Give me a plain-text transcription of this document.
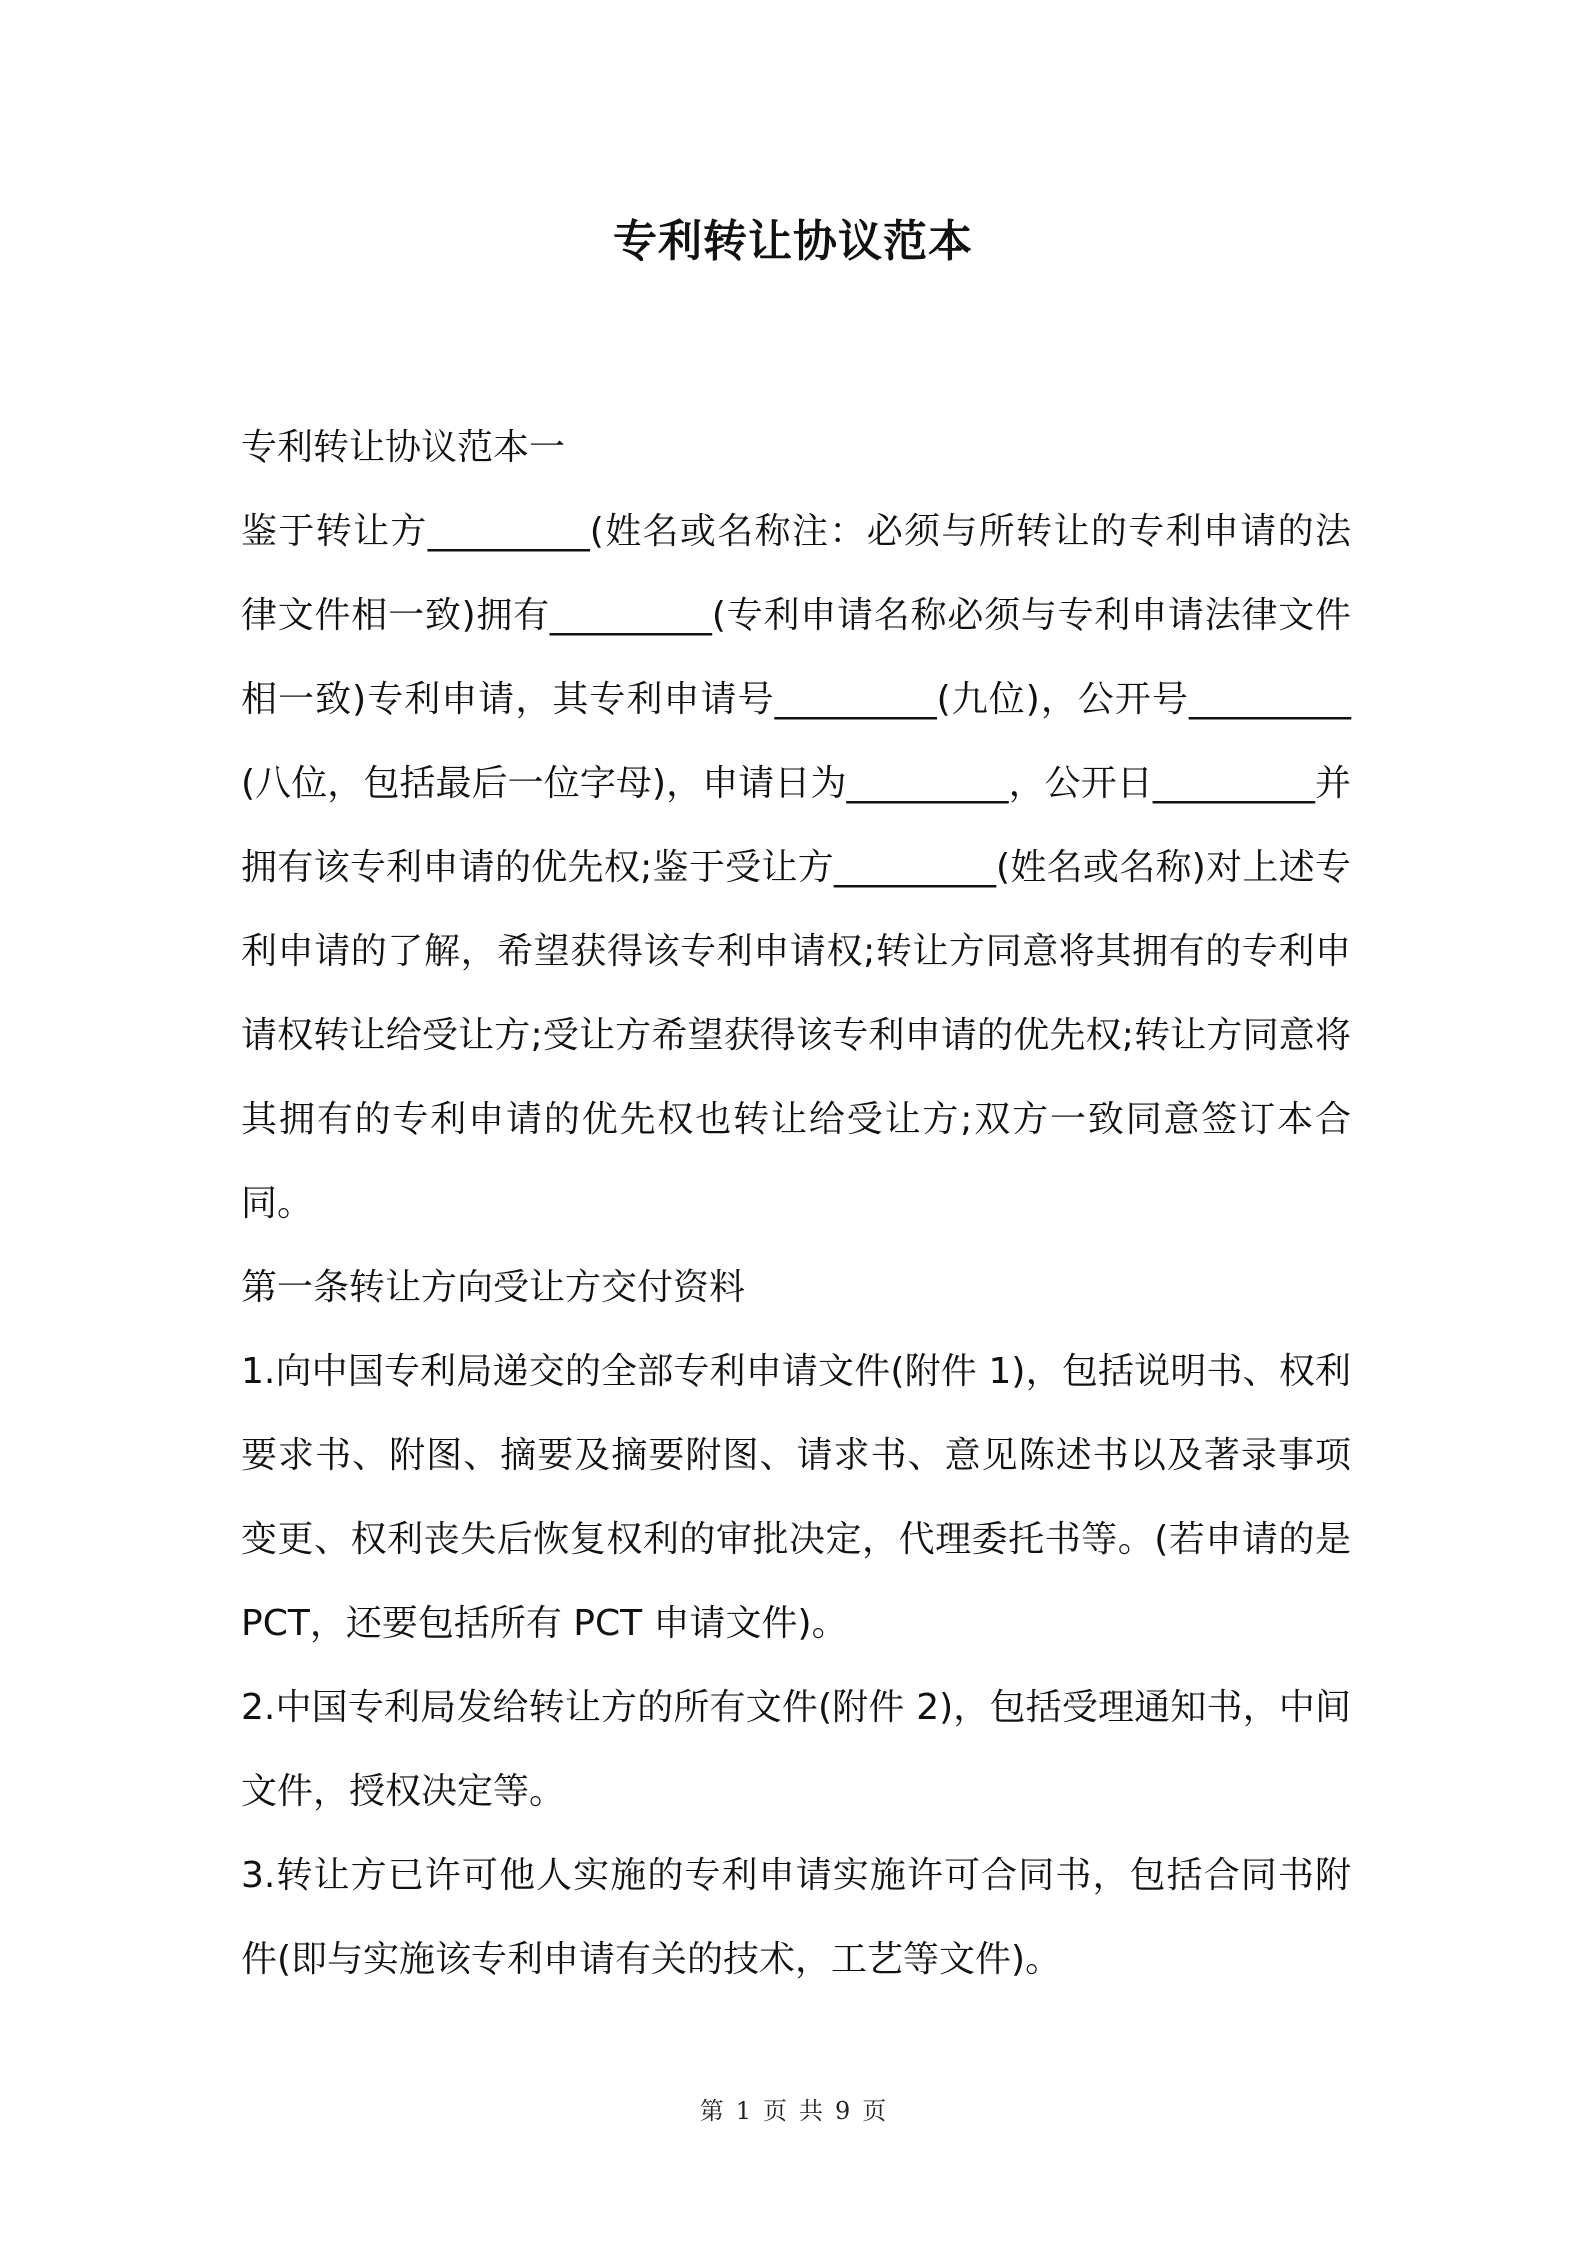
专利转让协议范本

专利转让协议范本一

鉴于转让方_________(姓名或名称注：必须与所转让的专利申请的法律文件相一致)拥有_________(专利申请名称必须与专利申请法律文件相一致)专利申请，其专利申请号_________(九位)，公开号_________(八位，包括最后一位字母)，申请日为_________，公开日_________并拥有该专利申请的优先权;鉴于受让方_________(姓名或名称)对上述专利申请的了解，希望获得该专利申请权;转让方同意将其拥有的专利申请权转让给受让方;受让方希望获得该专利申请的优先权;转让方同意将其拥有的专利申请的优先权也转让给受让方;双方一致同意签订本合同。

第一条转让方向受让方交付资料

1.向中国专利局递交的全部专利申请文件(附件 1)，包括说明书、权利要求书、附图、摘要及摘要附图、请求书、意见陈述书以及著录事项变更、权利丧失后恢复权利的审批决定，代理委托书等。(若申请的是 PCT，还要包括所有 PCT 申请文件)。

2.中国专利局发给转让方的所有文件(附件 2)，包括受理通知书，中间文件，授权决定等。

3.转让方已许可他人实施的专利申请实施许可合同书，包括合同书附件(即与实施该专利申请有关的技术，工艺等文件)。

第 1 页 共 9 页
